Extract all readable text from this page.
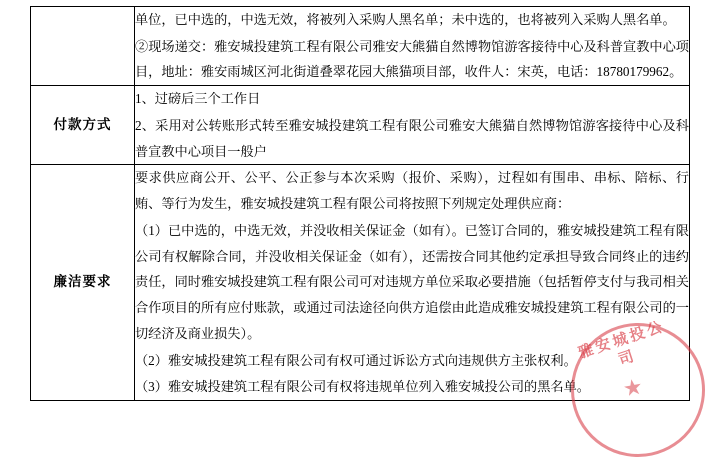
	单位，已中选的，中选无效，将被列入采购人黑名单；未中选的，也将被列入采购人黑名单。

②现场递交：雅安城投建筑工程有限公司雅安大熊猫自然博物馆游客接待中心及科普宣教中心项目，地址：雅安雨城区河北街道叠翠花园大熊猫项目部，收件人：宋英，电话：18780179962。

付款方式	1、过磅后三个工作日

2、采用对公转账形式转至雅安城投建筑工程有限公司雅安大熊猫自然博物馆游客接待中心及科普宣教中心项目一般户

廉洁要求	要求供应商公开、公平、公正参与本次采购（报价、采购），过程如有围串、串标、陪标、行贿、等行为发生，雅安城投建筑工程有限公司将按照下列规定处理供应商：

（1）已中选的，中选无效，并没收相关保证金（如有）。已签订合同的，雅安城投建筑工程有限公司有权解除合同，并没收相关保证金（如有），还需按合同其他约定承担导致合同终止的违约责任，同时雅安城投建筑工程有限公司可对违规方单位采取必要措施（包括暂停支付与我司相关合作项目的所有应付账款，或通过司法途径向供方追偿由此造成雅安城投建筑工程有限公司的一切经济及商业损失）。

（2）雅安城投建筑工程有限公司有权可通过诉讼方式向违规供方主张权利。

（3）雅安城投建筑工程有限公司有权将违规单位列入雅安城投公司的黑名单。

雅安城投公司
★
